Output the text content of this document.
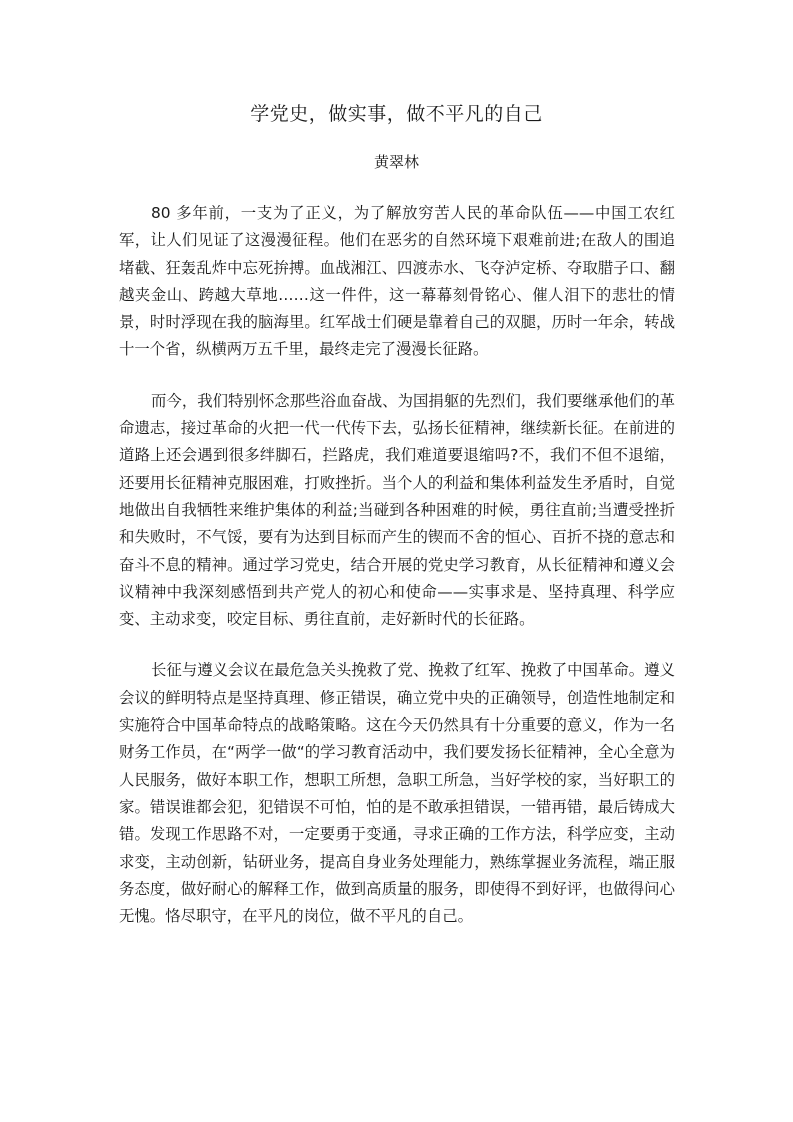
学党史，做实事，做不平凡的自己
黄翠林

80 多年前，一支为了正义，为了解放穷苦人民的革命队伍——中国工农红军，让人们见证了这漫漫征程。他们在恶劣的自然环境下艰难前进;在敌人的围追堵截、狂轰乱炸中忘死拚搏。血战湘江、四渡赤水、飞夺泸定桥、夺取腊子口、翻越夹金山、跨越大草地……这一件件，这一幕幕刻骨铭心、催人泪下的悲壮的情景，时时浮现在我的脑海里。红军战士们硬是靠着自己的双腿，历时一年余，转战十一个省，纵横两万五千里，最终走完了漫漫长征路。

而今，我们特别怀念那些浴血奋战、为国捐躯的先烈们，我们要继承他们的革命遗志，接过革命的火把一代一代传下去，弘扬长征精神，继续新长征。在前进的道路上还会遇到很多绊脚石，拦路虎，我们难道要退缩吗?不，我们不但不退缩，还要用长征精神克服困难，打败挫折。当个人的利益和集体利益发生矛盾时，自觉地做出自我牺牲来维护集体的利益;当碰到各种困难的时候，勇往直前;当遭受挫折和失败时，不气馁，要有为达到目标而产生的锲而不舍的恒心、百折不挠的意志和奋斗不息的精神。通过学习党史，结合开展的党史学习教育，从长征精神和遵义会议精神中我深刻感悟到共产党人的初心和使命——实事求是、坚持真理、科学应变、主动求变，咬定目标、勇往直前，走好新时代的长征路。

长征与遵义会议在最危急关头挽救了党、挽救了红军、挽救了中国革命。遵义会议的鲜明特点是坚持真理、修正错误，确立党中央的正确领导，创造性地制定和实施符合中国革命特点的战略策略。这在今天仍然具有十分重要的意义，作为一名财务工作员，在“两学一做“的学习教育活动中，我们要发扬长征精神，全心全意为人民服务，做好本职工作，想职工所想，急职工所急，当好学校的家，当好职工的家。错误谁都会犯，犯错误不可怕，怕的是不敢承担错误，一错再错，最后铸成大错。发现工作思路不对，一定要勇于变通，寻求正确的工作方法，科学应变，主动求变，主动创新，钻研业务，提高自身业务处理能力，熟练掌握业务流程，端正服务态度，做好耐心的解释工作，做到高质量的服务，即使得不到好评，也做得问心无愧。恪尽职守，在平凡的岗位，做不平凡的自己。
